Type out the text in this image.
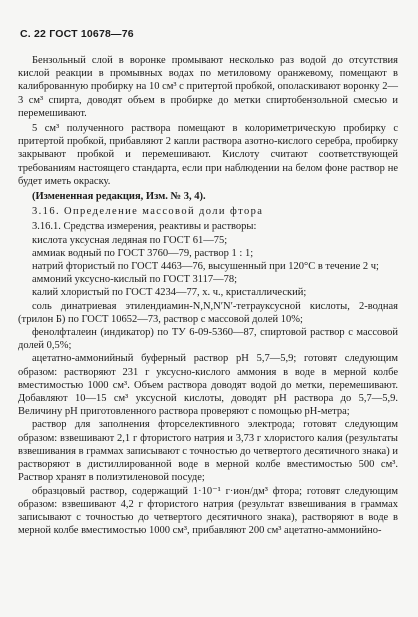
С. 22 ГОСТ 10678—76

Бензольный слой в воронке промывают несколько раз водой до отсутствия кислой реакции в промывных водах по метиловому оранжевому, помещают в калиброванную пробирку на 10 см³ с притертой пробкой, ополаскивают воронку 2—3 см³ спирта, доводят объем в пробирке до метки спиртобензольной смесью и перемешивают.

5 см³ полученного раствора помещают в колориметрическую пробирку с притертой пробкой, прибавляют 2 капли раствора азотно-кислого серебра, пробирку закрывают пробкой и перемешивают. Кислоту считают соответствующей требованиям настоящего стандарта, если при наблюдении на белом фоне раствор не будет иметь окраску.

(Измененная редакция, Изм. № 3, 4).

3.16. Определение массовой доли фтора

3.16.1. Средства измерения, реактивы и растворы:

кислота уксусная ледяная по ГОСТ 61—75;

аммиак водный по ГОСТ 3760—79, раствор 1 : 1;

натрий фтористый по ГОСТ 4463—76, высушенный при 120°С в течение 2 ч;

аммоний уксусно-кислый по ГОСТ 3117—78;

калий хлористый по ГОСТ 4234—77, х. ч., кристаллический;

соль динатриевая этилендиамин-N,N,N′N′-тетрауксусной кислоты, 2-водная (трилон Б) по ГОСТ 10652—73, раствор с массовой долей 10%;

фенолфталеин (индикатор) по ТУ 6-09-5360—87, спиртовой раствор с массовой долей 0,5%;

ацетатно-аммонийный буферный раствор рН 5,7—5,9; готовят следующим образом: растворяют 231 г уксусно-кислого аммония в воде в мерной колбе вместимостью 1000 см³. Объем раствора доводят водой до метки, перемешивают. Добавляют 10—15 см³ уксусной кислоты, доводят рН раствора до 5,7—5,9. Величину рН приготовленного раствора проверяют с помощью рН-метра;

раствор для заполнения фторселективного электрода; готовят следующим образом: взвешивают 2,1 г фтористого натрия и 3,73 г хлористого калия (результаты взвешивания в граммах записывают с точностью до четвертого десятичного знака) и растворяют в дистиллированной воде в мерной колбе вместимостью 500 см³. Раствор хранят в полиэтиленовой посуде;

образцовый раствор, содержащий 1·10⁻¹ г·ион/дм³ фтора; готовят следующим образом: взвешивают 4,2 г фтористого натрия (результат взвешивания в граммах записывают с точностью до четвертого десятичного знака), растворяют в воде в мерной колбе вместимостью 1000 см³, прибавляют 200 см³ ацетатно-аммонийно-
